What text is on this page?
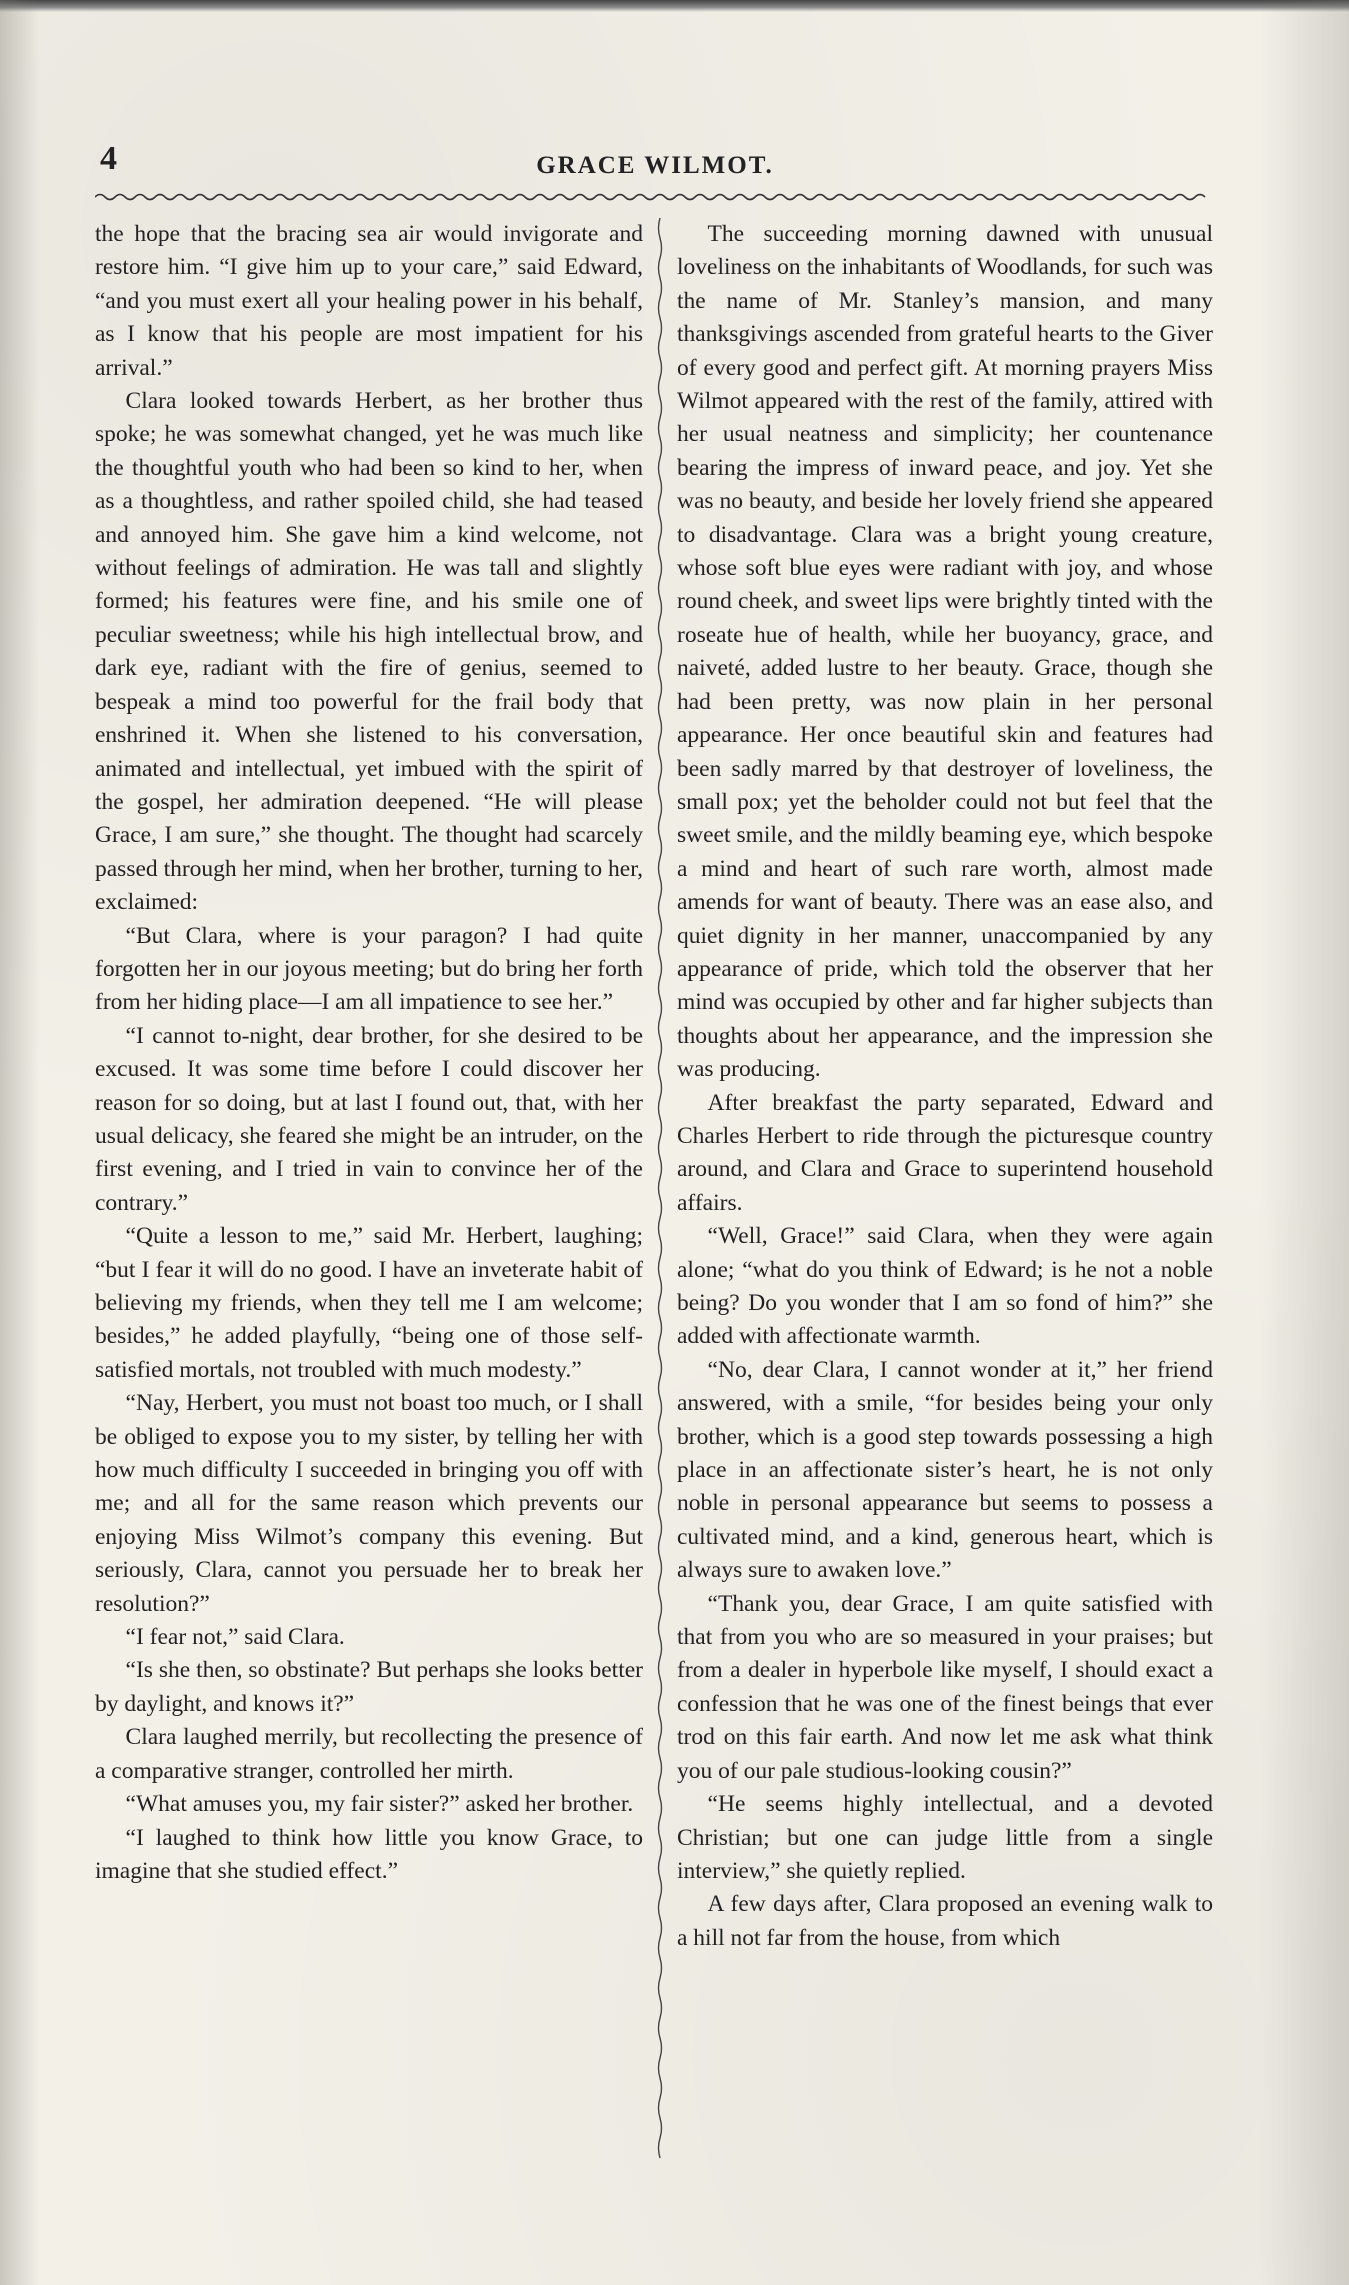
4	GRACE WILMOT.

the hope that the bracing sea air would invigorate and restore him. “I give him up to your care,” said Edward, “and you must exert all your healing power in his behalf, as I know that his people are most impatient for his arrival.”

Clara looked towards Herbert, as her brother thus spoke; he was somewhat changed, yet he was much like the thoughtful youth who had been so kind to her, when as a thoughtless, and rather spoiled child, she had teased and annoyed him. She gave him a kind welcome, not without feelings of admiration. He was tall and slightly formed; his features were fine, and his smile one of peculiar sweetness; while his high intellectual brow, and dark eye, radiant with the fire of genius, seemed to bespeak a mind too powerful for the frail body that enshrined it. When she listened to his conversation, animated and intellectual, yet imbued with the spirit of the gospel, her admiration deepened. “He will please Grace, I am sure,” she thought. The thought had scarcely passed through her mind, when her brother, turning to her, exclaimed:

“But Clara, where is your paragon? I had quite forgotten her in our joyous meeting; but do bring her forth from her hiding place—I am all impatience to see her.”

“I cannot to-night, dear brother, for she desired to be excused. It was some time before I could discover her reason for so doing, but at last I found out, that, with her usual delicacy, she feared she might be an intruder, on the first evening, and I tried in vain to convince her of the contrary.”

“Quite a lesson to me,” said Mr. Herbert, laughing; “but I fear it will do no good. I have an inveterate habit of believing my friends, when they tell me I am welcome; besides,” he added playfully, “being one of those self-satisfied mortals, not troubled with much modesty.”

“Nay, Herbert, you must not boast too much, or I shall be obliged to expose you to my sister, by telling her with how much difficulty I succeeded in bringing you off with me; and all for the same reason which prevents our enjoying Miss Wilmot’s company this evening. But seriously, Clara, cannot you persuade her to break her resolution?”

“I fear not,” said Clara.

“Is she then, so obstinate? But perhaps she looks better by daylight, and knows it?”

Clara laughed merrily, but recollecting the presence of a comparative stranger, controlled her mirth.

“What amuses you, my fair sister?” asked her brother.

“I laughed to think how little you know Grace, to imagine that she studied effect.”

The succeeding morning dawned with unusual loveliness on the inhabitants of Woodlands, for such was the name of Mr. Stanley’s mansion, and many thanksgivings ascended from grateful hearts to the Giver of every good and perfect gift. At morning prayers Miss Wilmot appeared with the rest of the family, attired with her usual neatness and simplicity; her countenance bearing the impress of inward peace, and joy. Yet she was no beauty, and beside her lovely friend she appeared to disadvantage. Clara was a bright young creature, whose soft blue eyes were radiant with joy, and whose round cheek, and sweet lips were brightly tinted with the roseate hue of health, while her buoyancy, grace, and naiveté, added lustre to her beauty. Grace, though she had been pretty, was now plain in her personal appearance. Her once beautiful skin and features had been sadly marred by that destroyer of loveliness, the small pox; yet the beholder could not but feel that the sweet smile, and the mildly beaming eye, which bespoke a mind and heart of such rare worth, almost made amends for want of beauty. There was an ease also, and quiet dignity in her manner, unaccompanied by any appearance of pride, which told the observer that her mind was occupied by other and far higher subjects than thoughts about her appearance, and the impression she was producing.

After breakfast the party separated, Edward and Charles Herbert to ride through the picturesque country around, and Clara and Grace to superintend household affairs.

“Well, Grace!” said Clara, when they were again alone; “what do you think of Edward; is he not a noble being? Do you wonder that I am so fond of him?” she added with affectionate warmth.

“No, dear Clara, I cannot wonder at it,” her friend answered, with a smile, “for besides being your only brother, which is a good step towards possessing a high place in an affectionate sister’s heart, he is not only noble in personal appearance but seems to possess a cultivated mind, and a kind, generous heart, which is always sure to awaken love.”

“Thank you, dear Grace, I am quite satisfied with that from you who are so measured in your praises; but from a dealer in hyperbole like myself, I should exact a confession that he was one of the finest beings that ever trod on this fair earth. And now let me ask what think you of our pale studious-looking cousin?”

“He seems highly intellectual, and a devoted Christian; but one can judge little from a single interview,” she quietly replied.

A few days after, Clara proposed an evening walk to a hill not far from the house, from which
